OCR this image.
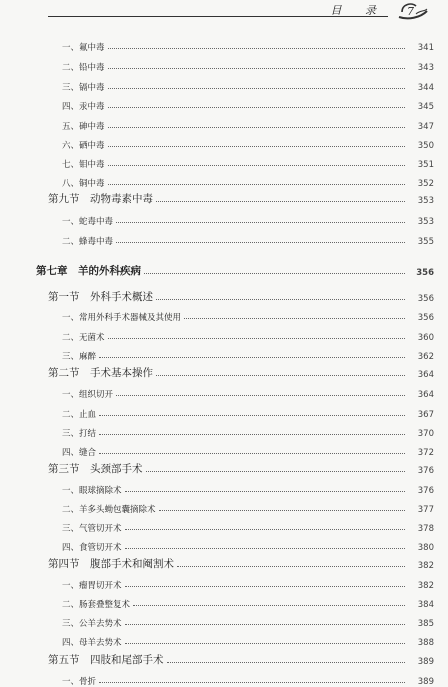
目 录 7
一、氟中毒	341
二、铅中毒	343
三、镉中毒	344
四、汞中毒	345
五、砷中毒	347
六、硒中毒	350
七、钼中毒	351
八、铜中毒	352
第九节　动物毒素中毒	353
一、蛇毒中毒	353
二、蜂毒中毒	355
第七章　羊的外科疾病	356
第一节　外科手术概述	356
一、常用外科手术器械及其使用	356
二、无菌术	360
三、麻醉	362
第二节　手术基本操作	364
一、组织切开	364
二、止血	367
三、打结	370
四、缝合	372
第三节　头颈部手术	376
一、眼球摘除术	376
二、羊多头蚴包囊摘除术	377
三、气管切开术	378
四、食管切开术	380
第四节　腹部手术和阉割术	382
一、瘤胃切开术	382
二、肠套叠整复术	384
三、公羊去势术	385
四、母羊去势术	388
第五节　四肢和尾部手术	389
一、骨折	389
